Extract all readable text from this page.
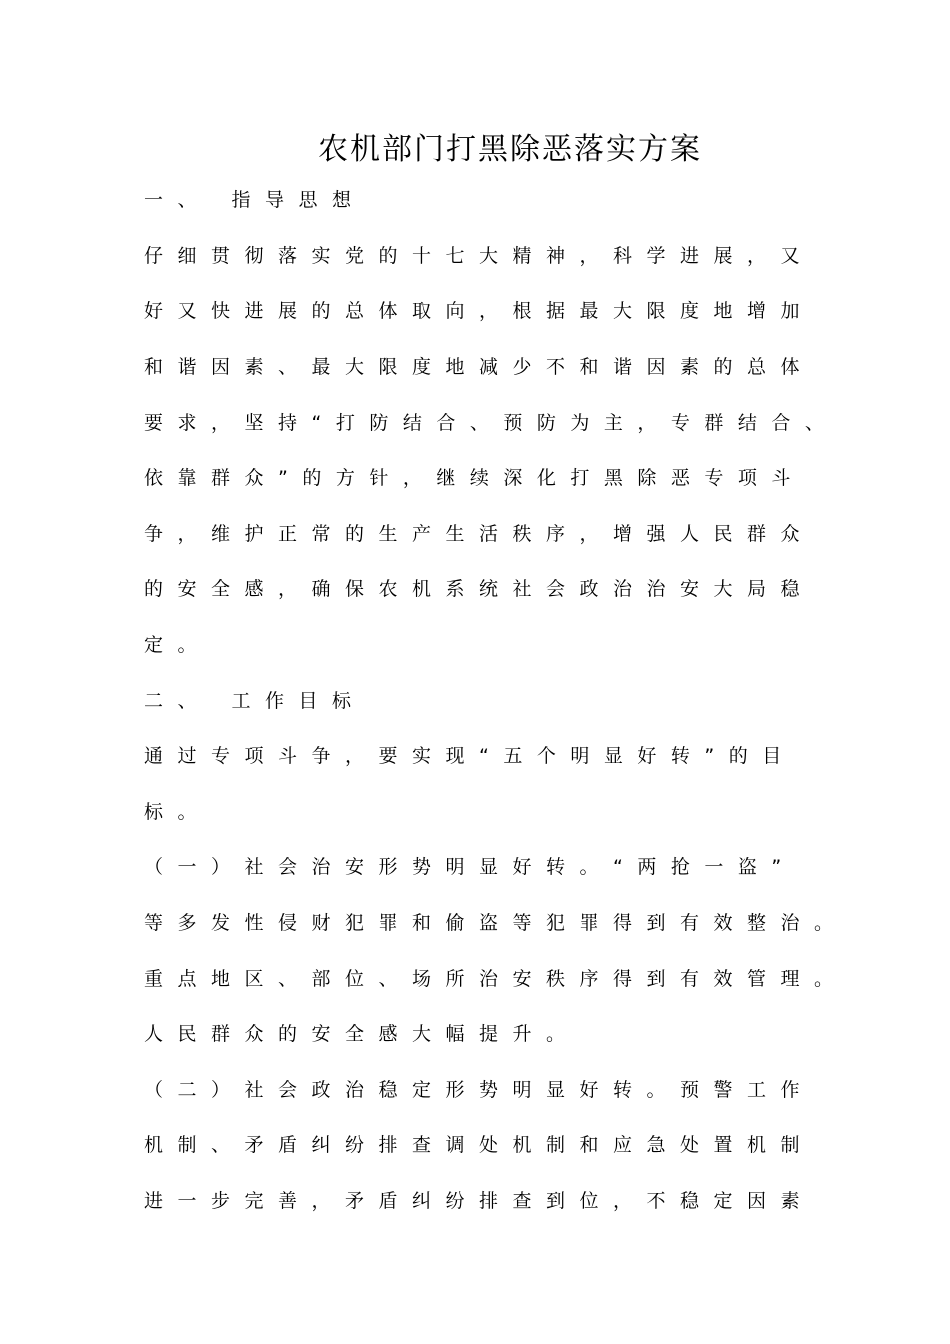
农机部门打黑除恶落实方案
一、 指导思想
仔细贯彻落实党的十七大精神，科学进展，又
好又快进展的总体取向，根据最大限度地增加
和谐因素、最大限度地减少不和谐因素的总体
要求，坚持“打防结合、预防为主，专群结合、
依靠群众”的方针，继续深化打黑除恶专项斗
争，维护正常的生产生活秩序，增强人民群众
的安全感，确保农机系统社会政治治安大局稳
定。
二、 工作目标
通过专项斗争，要实现“五个明显好转”的目
标。
（一）社会治安形势明显好转。“两抢一盗”
等多发性侵财犯罪和偷盗等犯罪得到有效整治。
重点地区、部位、场所治安秩序得到有效管理。
人民群众的安全感大幅提升。
（二）社会政治稳定形势明显好转。预警工作
机制、矛盾纠纷排查调处机制和应急处置机制
进一步完善，矛盾纠纷排查到位，不稳定因素
